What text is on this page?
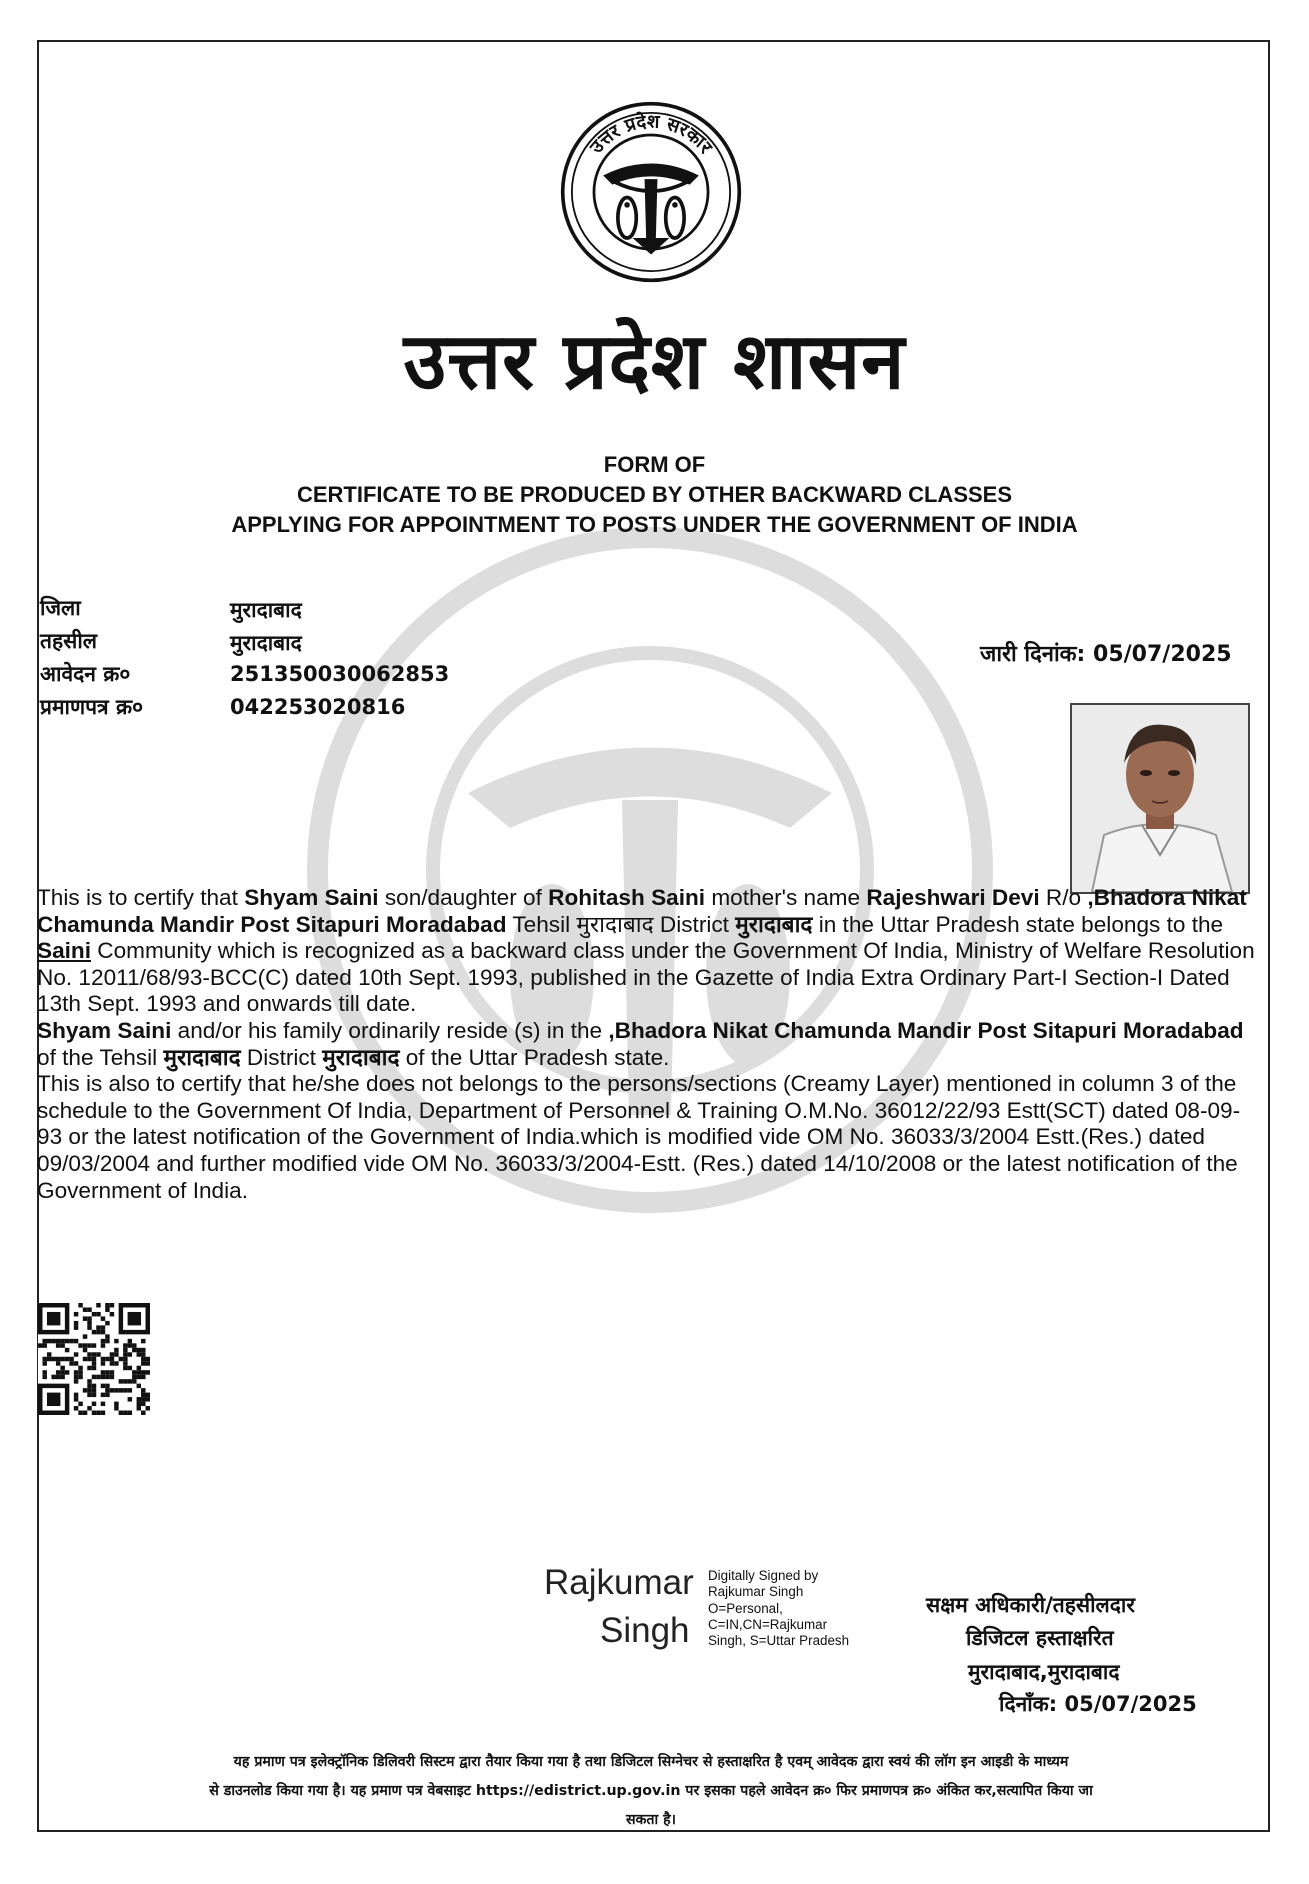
उत्तर प्रदेश सरकार
उत्तर प्रदेश शासन
FORM OF
CERTIFICATE TO BE PRODUCED BY OTHER BACKWARD CLASSES
APPLYING FOR APPOINTMENT TO POSTS UNDER THE GOVERNMENT OF INDIA
जिला	मुरादाबाद
तहसील	मुरादाबाद
आवेदन क्र०	251350030062853
प्रमाणपत्र क्र०	042253020816
जारी दिनांक: 05/07/2025

This is to certify that Shyam Saini son/daughter of Rohitash Saini mother's name Rajeshwari Devi R/o ,Bhadora Nikat Chamunda Mandir Post Sitapuri Moradabad Tehsil मुरादाबाद District मुरादाबाद in the Uttar Pradesh state belongs to the Saini Community which is recognized as a backward class under the Government Of India, Ministry of Welfare Resolution No. 12011/68/93-BCC(C) dated 10th Sept. 1993, published in the Gazette of India Extra Ordinary Part-I Section-I Dated 13th Sept. 1993 and onwards till date.

Shyam Saini and/or his family ordinarily reside (s) in the ,Bhadora Nikat Chamunda Mandir Post Sitapuri Moradabad of the Tehsil मुरादाबाद District मुरादाबाद of the Uttar Pradesh state.

This is also to certify that he/she does not belongs to the persons/sections (Creamy Layer) mentioned in column 3 of the schedule to the Government Of India, Department of Personnel & Training O.M.No. 36012/22/93 Estt(SCT) dated 08-09-93 or the latest notification of the Government of India.which is modified vide OM No. 36033/3/2004 Estt.(Res.) dated 09/03/2004 and further modified vide OM No. 36033/3/2004-Estt. (Res.) dated 14/10/2008 or the latest notification of the Government of India.

Rajkumar
Singh
Digitally Signed by
Rajkumar Singh
O=Personal,
C=IN,CN=Rajkumar
Singh, S=Uttar Pradesh
सक्षम अधिकारी/तहसीलदार
डिजिटल हस्ताक्षरित
मुरादाबाद,मुरादाबाद
दिनाँक: 05/07/2025
यह प्रमाण पत्र इलेक्ट्रॉनिक डिलिवरी सिस्टम द्वारा तैयार किया गया है तथा डिजिटल सिग्नेचर से हस्ताक्षरित है एवम् आवेदक द्वारा स्वयं की लॉग इन आइडी के माध्यम
से डाउनलोड किया गया है। यह प्रमाण पत्र वेबसाइट https://edistrict.up.gov.in पर इसका पहले आवेदन क्र० फिर प्रमाणपत्र क्र० अंकित कर,सत्यापित किया जा
सकता है।
